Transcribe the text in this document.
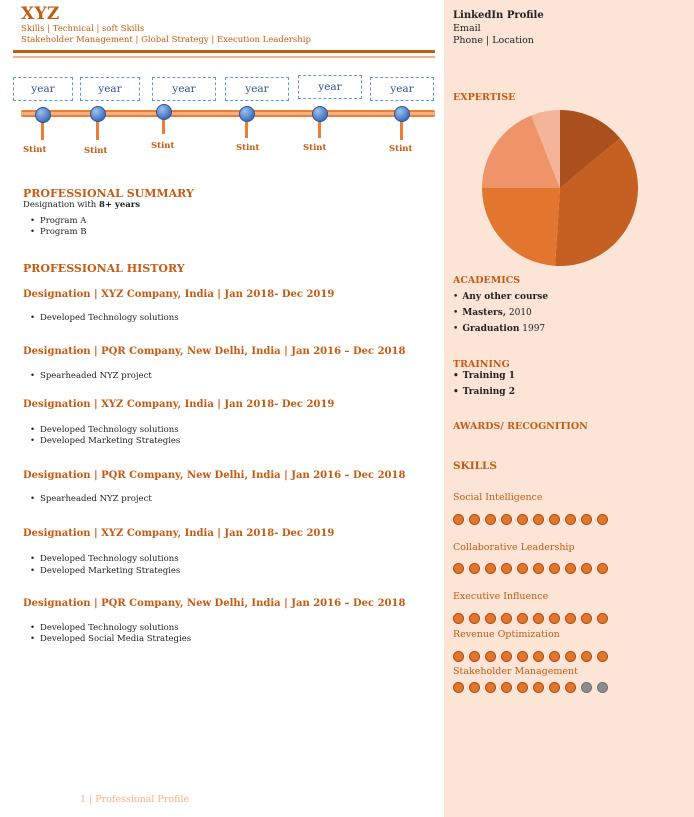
XYZ
Skills | Technical | soft Skills
Stakeholder Management | Global Strategy | Execution Leadership
year	year	year	year	year	year
Stint	Stint	Stint	Stint	Stint	Stint
PROFESSIONAL SUMMARY
Designation with 8+ years
• Program A
• Program B
PROFESSIONAL HISTORY
Designation | XYZ Company, India | Jan 2018- Dec 2019
• Developed Technology solutions
Designation | PQR Company, New Delhi, India | Jan 2016 – Dec 2018
• Spearheaded NYZ project
Designation | XYZ Company, India | Jan 2018- Dec 2019
• Developed Technology solutions
• Developed Marketing Strategies
Designation | PQR Company, New Delhi, India | Jan 2016 – Dec 2018
• Spearheaded NYZ project
Designation | XYZ Company, India | Jan 2018- Dec 2019
• Developed Technology solutions
• Developed Marketing Strategies
Designation | PQR Company, New Delhi, India | Jan 2016 – Dec 2018
• Developed Technology solutions
• Developed Social Media Strategies
1 | Professional Profile
LinkedIn Profile
Email
Phone | Location
EXPERTISE
ACADEMICS
• Any other course
• Masters, 2010
• Graduation 1997
TRAINING
• Training 1
• Training 2
AWARDS/ RECOGNITION
SKILLS
Social Intelligence
Collaborative Leadership
Executive Influence
Revenue Optimization
Stakeholder Management
